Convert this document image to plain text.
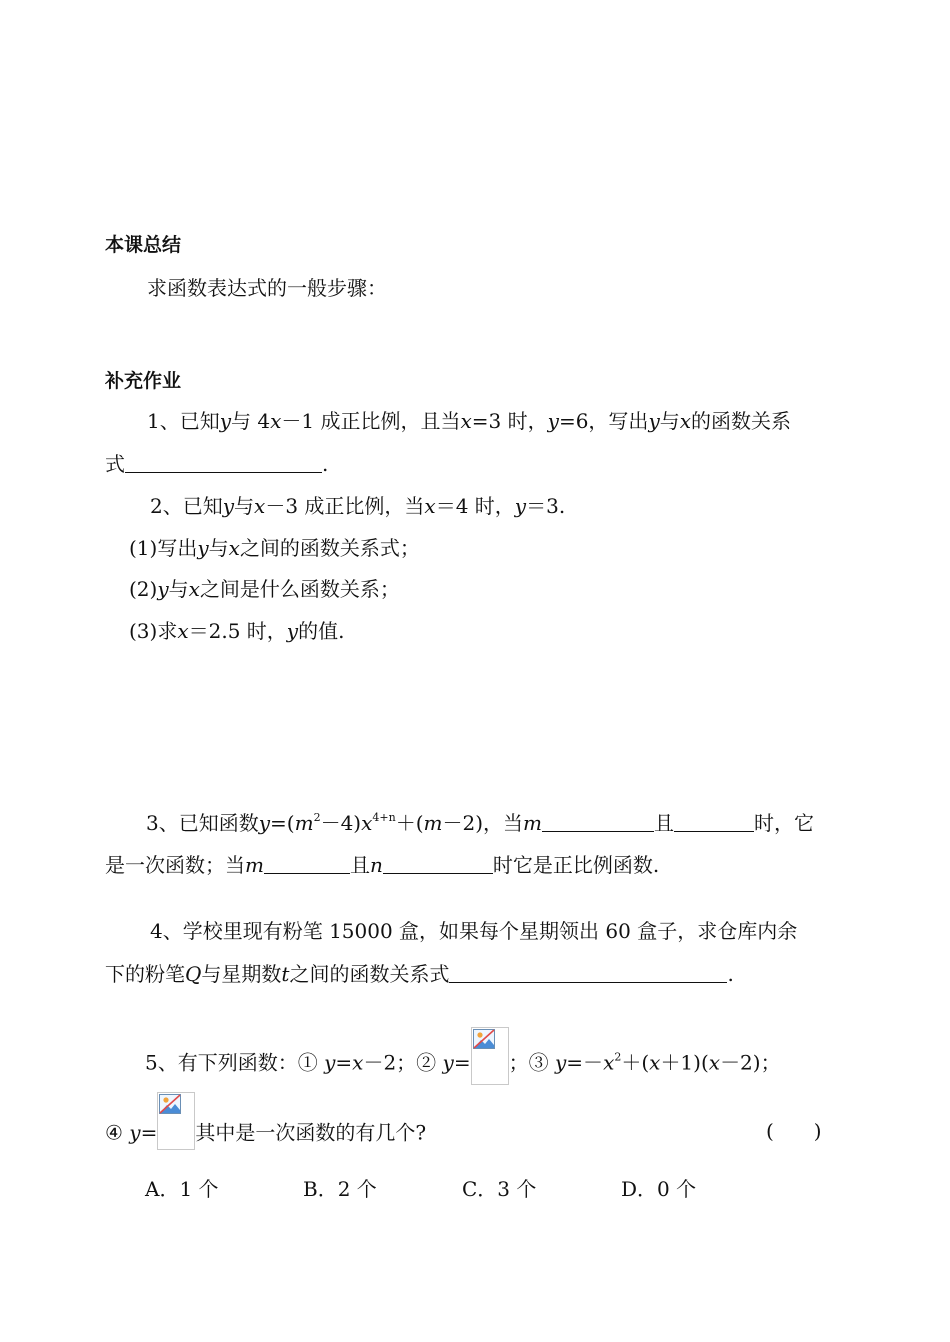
本课总结
求函数表达式的一般步骤：
补充作业
1、已知y与 4x－1 成正比例，且当x=3 时，y=6，写出y与x的函数关系
式	.
2、已知y与x－3 成正比例，当x＝4 时，y＝3.
(1)写出y与x之间的函数关系式；
(2)y与x之间是什么函数关系；
(3)求x＝2.5 时，y的值.
3、已知函数$y=(m^2-4)x^{4+n}+(m-2)$，当m	且	时，它
是一次函数；当m	且n	时它是正比例函数.
4、学校里现有粉笔 15000 盒，如果每个星期领出 60 盒子，求仓库内余
下的粉笔Q与星期数t之间的函数关系式	.
5、有下列函数：① y=x－2；② y= ；③ $y=-x^2+(x+1)(x-2)$；
④ y= 其中是一次函数的有几个?	(　　)
A．1 个	B．2 个	C．3 个	D．0 个
